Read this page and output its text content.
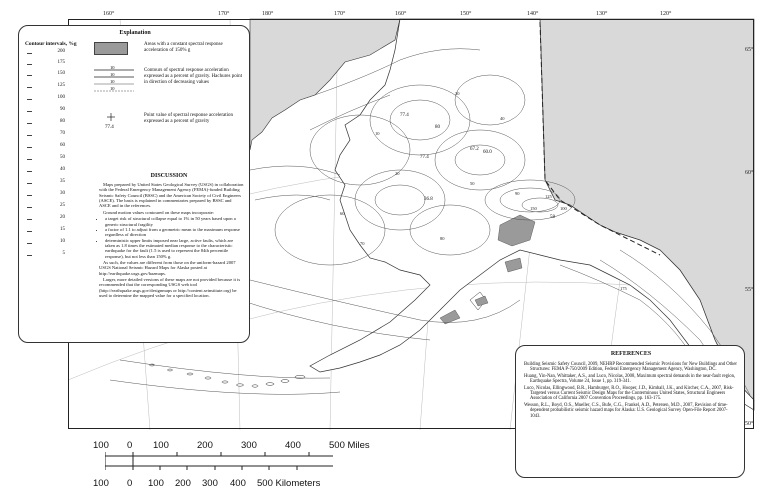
77.4
80
77.4
67.2
60.0
36.8
58
10
20
30
40
50
60
70
80
90
100
125
150
175
160°	170°	180°	170°	160°	150°	140°	130°	120°
65°
60°
55°
50°
Explanation
Contour intervals, %g
200
175
150
125
100
90
80
70
60
50
40
35
30
25
20
15
10
5
Areas with a constant spectral response acceleration of 150% g
10
10
10
10
Contours of spectral response acceleration expressed as a percent of gravity. Hachures point in direction of decreasing values
77.4
Point value of spectral response acceleration expressed as a percent of gravity
DISCUSSION

Maps prepared by United States Geological Survey (USGS) in collaboration with the Federal Emergency Management Agency (FEMA)-funded Building Seismic Safety Council (BSSC) and the American Society of Civil Engineers (ASCE). The basis is explained in commentaries prepared by BSSC and ASCE and in the references.

Ground motion values contoured on these maps incorporate:

• a target risk of structural collapse equal to 1% in 50 years based upon a generic structural fragility
• a factor of 1.1 to adjust from a geometric mean to the maximum response regardless of direction
• deterministic upper limits imposed near large, active faults, which are taken as 1.8 times the estimated median response to the characteristic earthquake for the fault (1.5 is used to represent the 84th percentile response), but not less than 150% g.

As such, the values are different from those on the uniform-hazard 2007 USGS National Seismic Hazard Maps for Alaska posted at http://earthquake.usgs.gov/hazmaps.

Larger, more detailed versions of these maps are not provided because it is recommended that the corresponding USGS web tool (http://earthquake.usgs.gov/designmaps or http://content.seinstitute.org) be used to determine the mapped value for a specified location.

REFERENCES
Building Seismic Safety Council, 2009, NEHRP Recommended Seismic Provisions for New Buildings and Other Structures: FEMA P-750/2009 Edition, Federal Emergency Management Agency, Washington, DC.
Huang, Yin-Nan, Whittaker, A.S., and Luco, Nicolas, 2008, Maximum spectral demands in the near-fault region, Earthquake Spectra, Volume 24, Issue 1, pp. 319-341.
Luco, Nicolas, Ellingwood, B.R., Hamburger, R.O., Hooper, J.D., Kimball, J.K., and Kircher, C.A., 2007, Risk-Targeted versus Current Seismic Design Maps for the Conterminous United States, Structural Engineers Association of California 2007 Convention Proceedings, pp. 163-175.
Wesson, R.L., Boyd, O.S., Mueller, C.S., Bufe, C.G., Frankel, A.D., Petersen, M.D., 2007, Revision of time-dependent probabilistic seismic hazard maps for Alaska: U.S. Geological Survey Open-File Report 2007-1043.
100 0 100	200	300	400	500 Miles
100 0 100 200 300 400 500 Kilometers
